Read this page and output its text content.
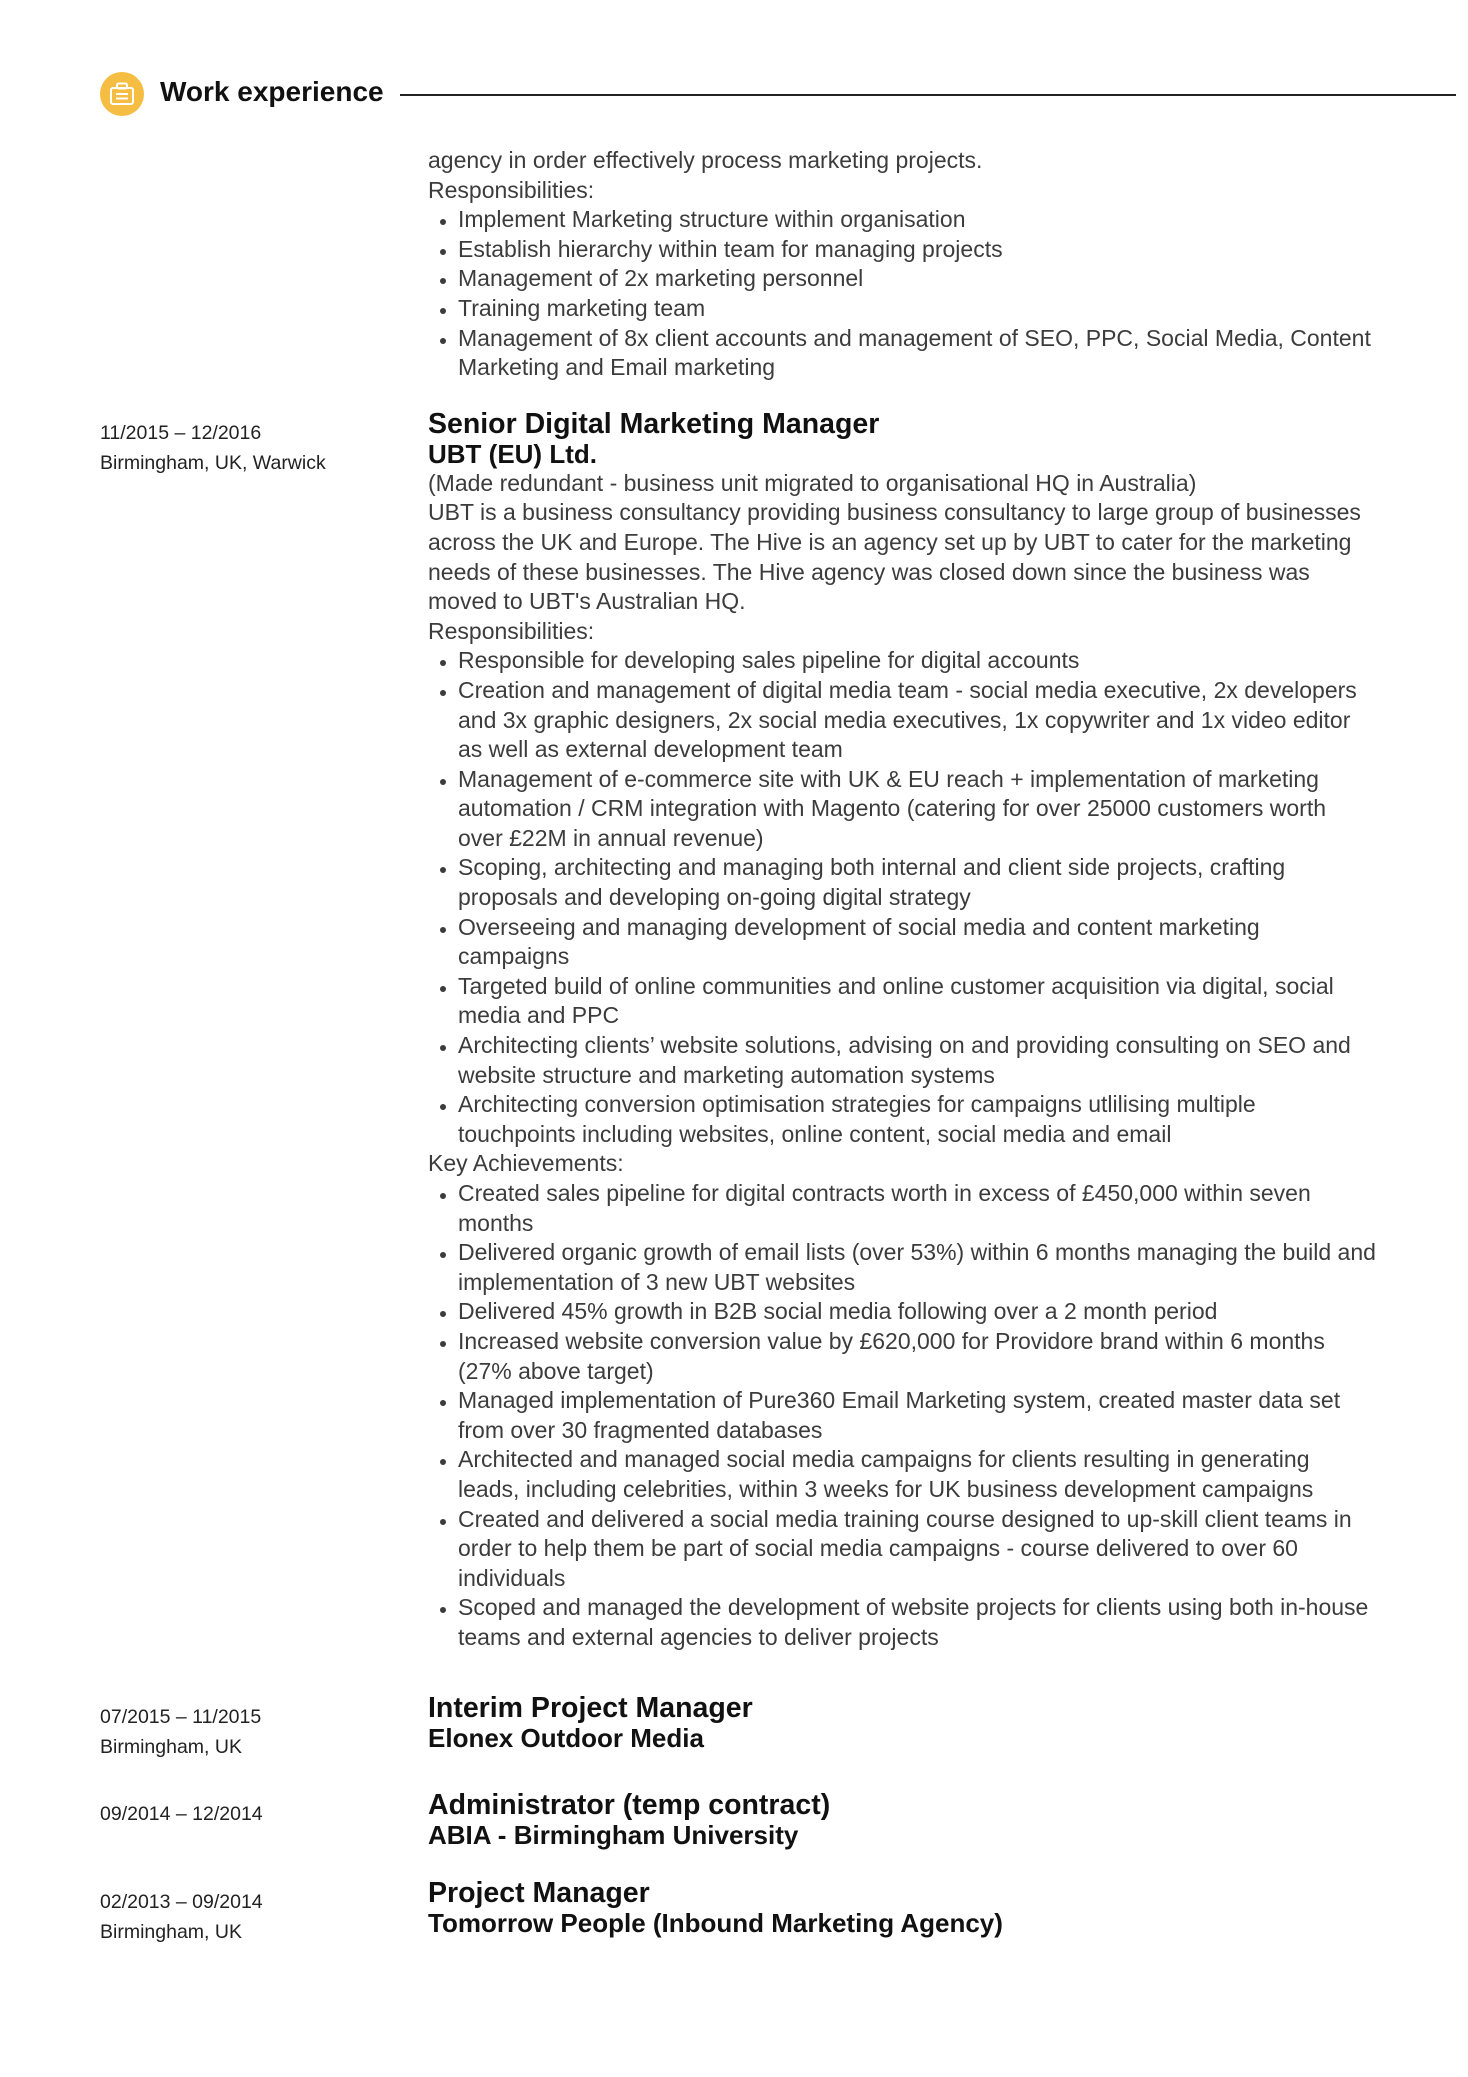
Work experience

agency in order effectively process marketing projects.

Responsibilities:

• Implement Marketing structure within organisation
• Establish hierarchy within team for managing projects
• Management of 2x marketing personnel
• Training marketing team
• Management of 8x client accounts and management of SEO, PPC, Social Media, Content Marketing and Email marketing
11/2015 – 12/2016
Birmingham, UK, Warwick
Senior Digital Marketing Manager
UBT (EU) Ltd.

(Made redundant - business unit migrated to organisational HQ in Australia)

UBT is a business consultancy providing business consultancy to large group of businesses across the UK and Europe. The Hive is an agency set up by UBT to cater for the marketing needs of these businesses. The Hive agency was closed down since the business was moved to UBT's Australian HQ.

Responsibilities:

• Responsible for developing sales pipeline for digital accounts
• Creation and management of digital media team - social media executive, 2x developers and 3x graphic designers, 2x social media executives, 1x copywriter and 1x video editor as well as external development team
• Management of e-commerce site with UK & EU reach + implementation of marketing automation / CRM integration with Magento (catering for over 25000 customers worth over £22M in annual revenue)
• Scoping, architecting and managing both internal and client side projects, crafting proposals and developing on-going digital strategy
• Overseeing and managing development of social media and content marketing campaigns
• Targeted build of online communities and online customer acquisition via digital, social media and PPC
• Architecting clients’ website solutions, advising on and providing consulting on SEO and website structure and marketing automation systems
• Architecting conversion optimisation strategies for campaigns utlilising multiple touchpoints including websites, online content, social media and email

Key Achievements:

• Created sales pipeline for digital contracts worth in excess of £450,000 within seven months
• Delivered organic growth of email lists (over 53%) within 6 months managing the build and implementation of 3 new UBT websites
• Delivered 45% growth in B2B social media following over a 2 month period
• Increased website conversion value by £620,000 for Providore brand within 6 months (27% above target)
• Managed implementation of Pure360 Email Marketing system, created master data set from over 30 fragmented databases
• Architected and managed social media campaigns for clients resulting in generating leads, including celebrities, within 3 weeks for UK business development campaigns
• Created and delivered a social media training course designed to up-skill client teams in order to help them be part of social media campaigns - course delivered to over 60 individuals
• Scoped and managed the development of website projects for clients using both in-house teams and external agencies to deliver projects
07/2015 – 11/2015
Birmingham, UK
Interim Project Manager
Elonex Outdoor Media
09/2014 – 12/2014	Administrator (temp contract)
ABIA - Birmingham University
02/2013 – 09/2014
Birmingham, UK
Project Manager
Tomorrow People (Inbound Marketing Agency)
